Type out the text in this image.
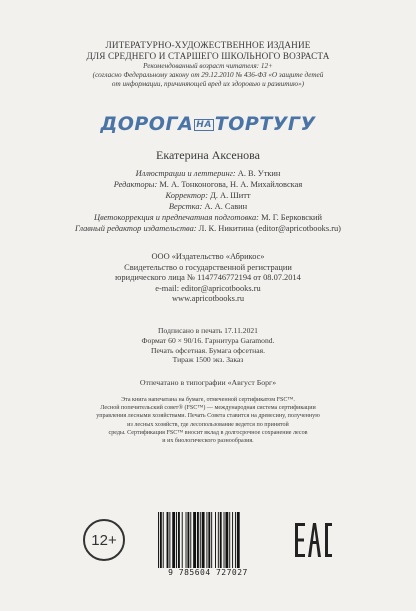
ЛИТЕРАТУРНО-ХУДОЖЕСТВЕННОЕ ИЗДАНИЕ
ДЛЯ СРЕДНЕГО И СТАРШЕГО ШКОЛЬНОГО ВОЗРАСТА
Рекомендованный возраст читателя: 12+
(согласно Федеральному закону от 29.12.2010 № 436-ФЗ «О защите детей
от информации, причиняющей вред их здоровью и развитию»)
ДОРОГА НА ТОРТУГУ
Екатерина Аксенова
Иллюстрации и леттеринг: А. В. Уткин
Редакторы: М. А. Тонконогова, Н. А. Михайловская
Корректор: Д. А. Шитт
Верстка: А. А. Савин
Цветокоррекция и предпечатная подготовка: М. Г. Берковский
Главный редактор издательства: Л. К. Никитина (editor@apricotbooks.ru)
ООО «Издательство «Абрикос»
Свидетельство о государственной регистрации
юридического лица № 1147746772194 от 08.07.2014
e-mail: editor@apricotbooks.ru
www.apricotbooks.ru
Подписано в печать 17.11.2021
Формат 60 × 90/16. Гарнитура Garamond.
Печать офсетная. Бумага офсетная.
Тираж 1500 экз. Заказ
Отпечатано в типографии «Август Борг»
Эта книга напечатана на бумаге, отмеченной сертификатом FSC™.
Лесной попечительский совет® (FSC™) — международная система сертификации
управления лесными хозяйствами. Печать Совета ставится на древесину, полученную
из лесных хозяйств, где лесопользование ведется по принятой
среды. Сертификация FSC™ вносит вклад в долгосрочное сохранение лесов
и их биологического разнообразия.
12+
9 785604 727027
